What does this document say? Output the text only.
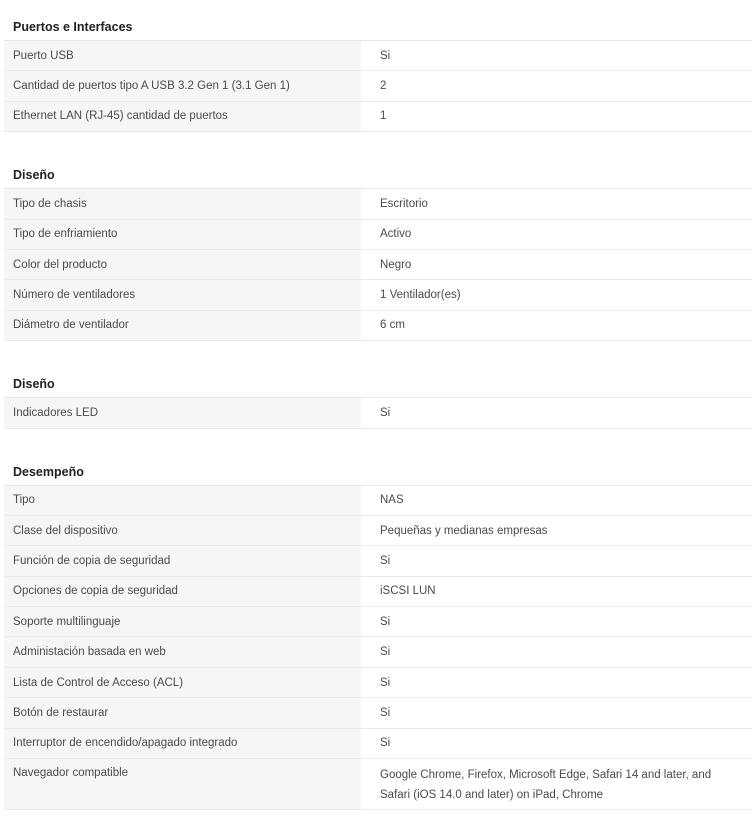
Puertos e Interfaces
Puerto USB	Si
Cantidad de puertos tipo A USB 3.2 Gen 1 (3.1 Gen 1)	2
Ethernet LAN (RJ-45) cantidad de puertos	1
Diseño
Tipo de chasis	Escritorio
Tipo de enfriamiento	Activo
Color del producto	Negro
Número de ventiladores	1 Ventilador(es)
Diámetro de ventilador	6 cm
Diseño
Indicadores LED	Si
Desempeño
Tipo	NAS
Clase del dispositivo	Pequeñas y medianas empresas
Función de copia de seguridad	Si
Opciones de copia de seguridad	iSCSI LUN
Soporte multilinguaje	Si
Administación basada en web	Si
Lista de Control de Acceso (ACL)	Si
Botón de restaurar	Si
Interruptor de encendido/apagado integrado	Si
Navegador compatible	Google Chrome, Firefox, Microsoft Edge, Safari 14 and later, and Safari (iOS 14.0 and later) on iPad, Chrome
